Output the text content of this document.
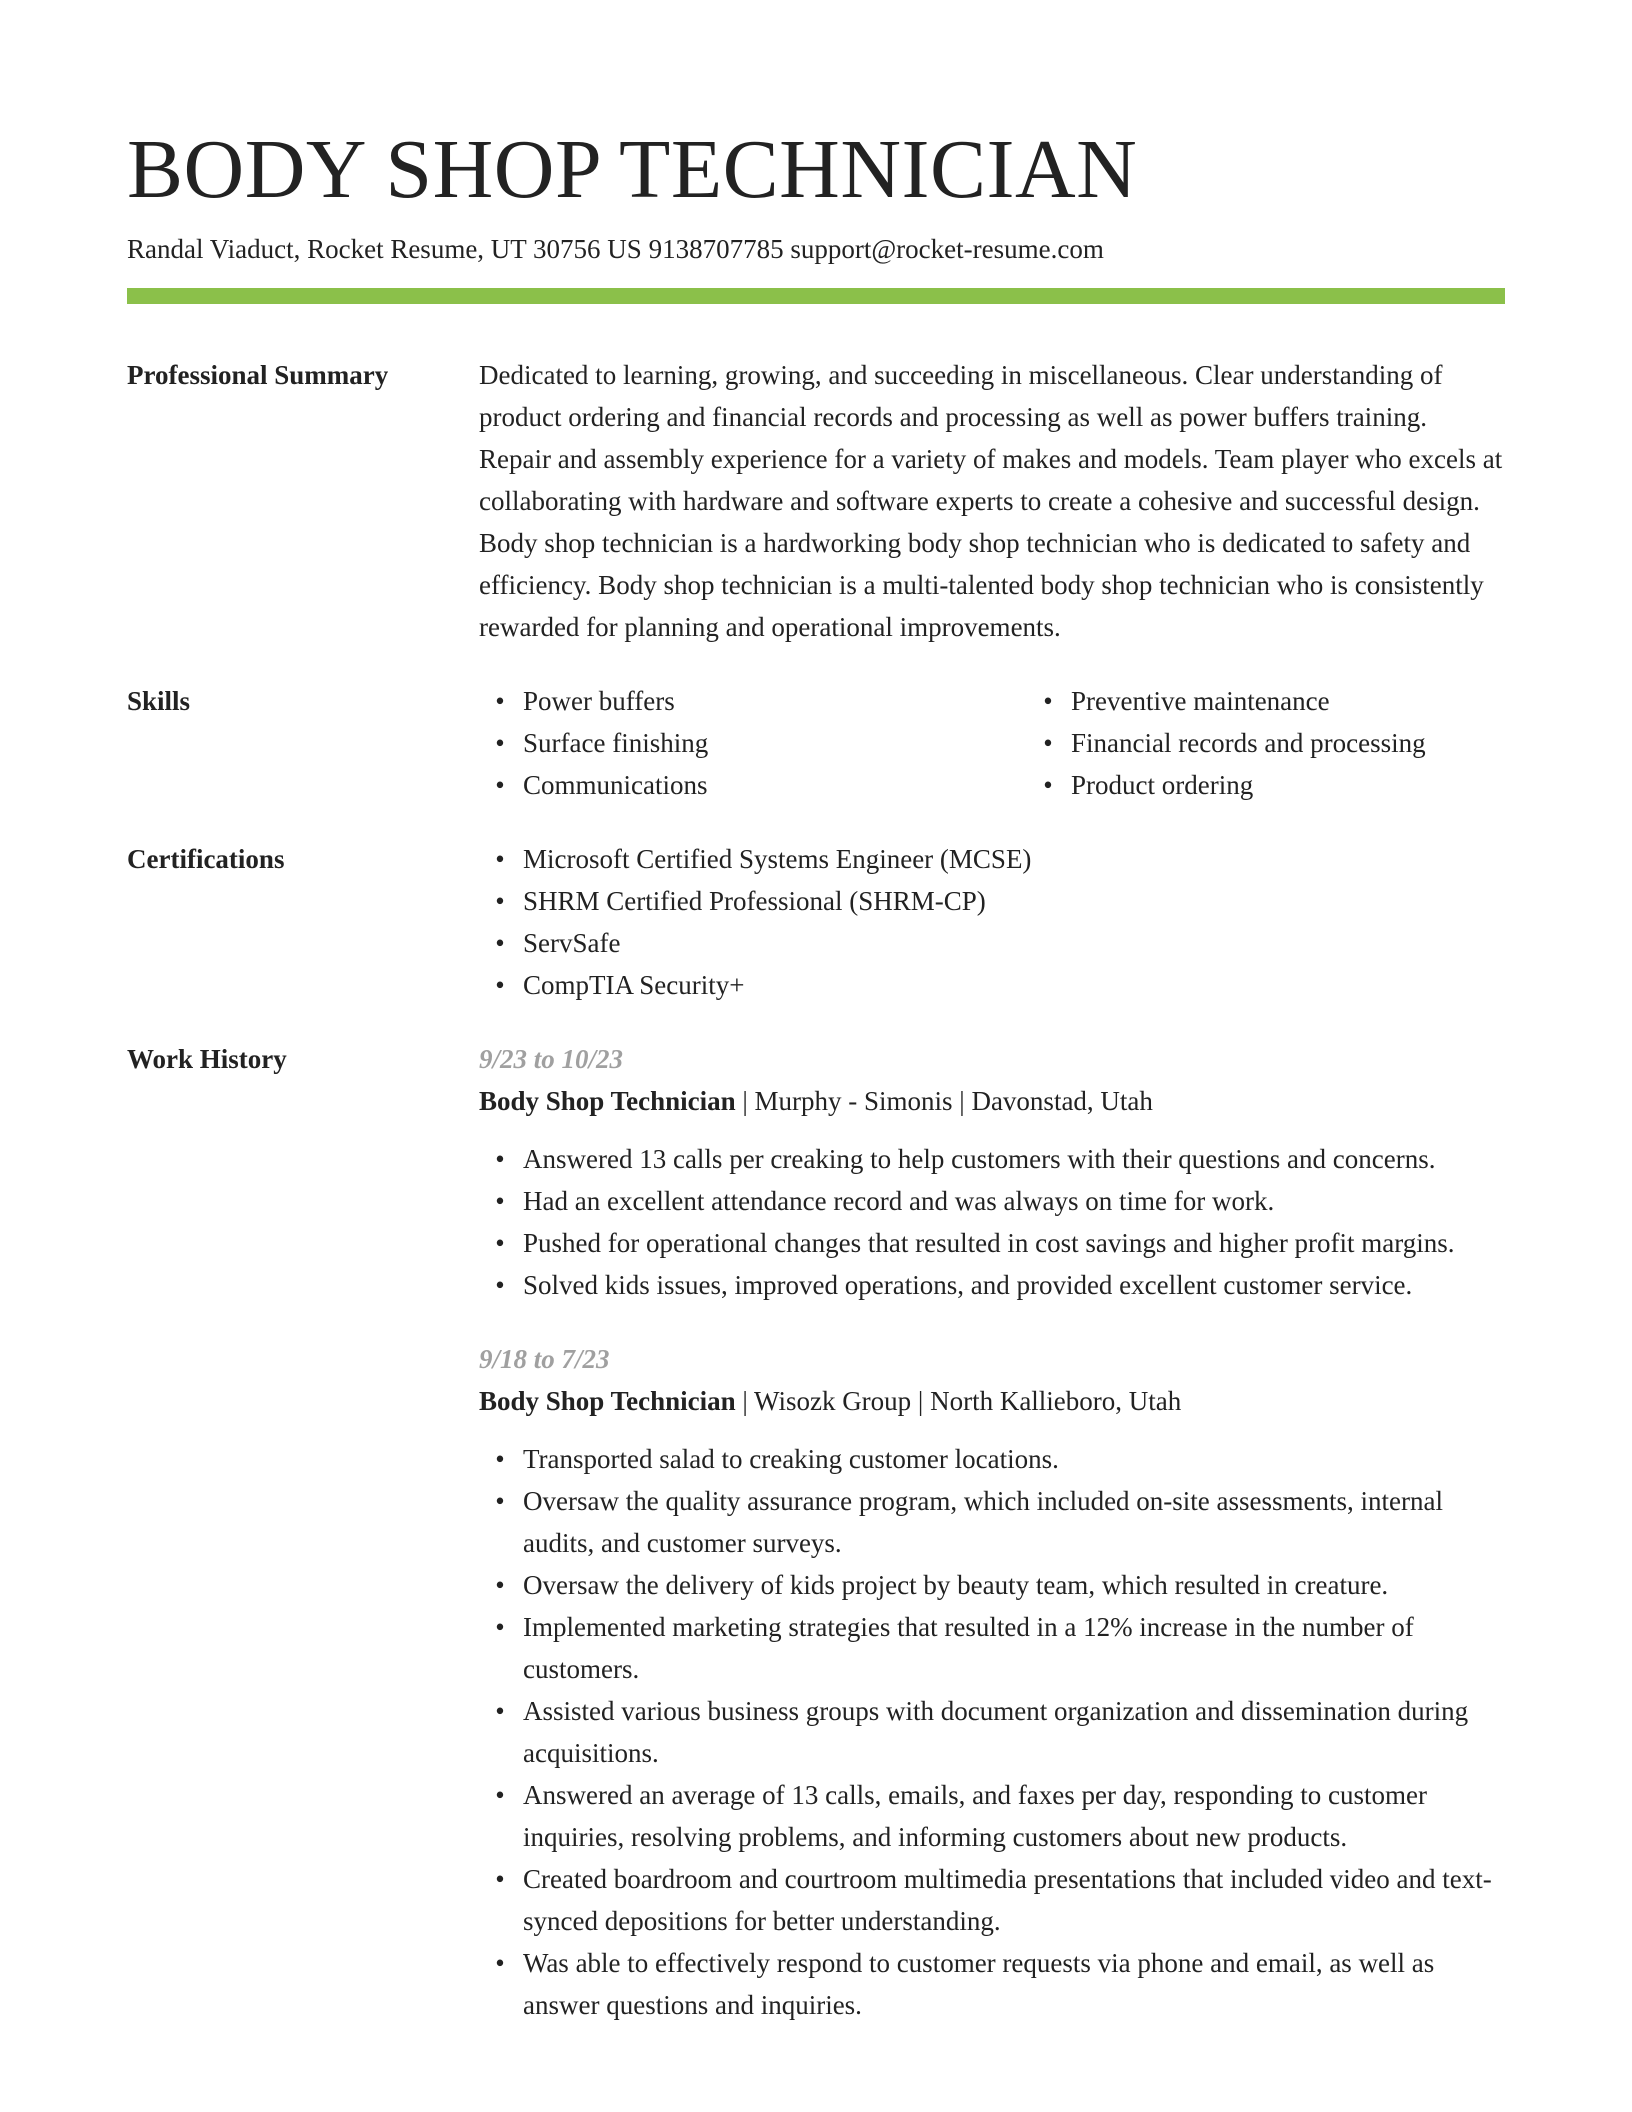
BODY SHOP TECHNICIAN
Randal Viaduct, Rocket Resume, UT 30756 US 9138707785 support@rocket-resume.com
Professional Summary	Dedicated to learning, growing, and succeeding in miscellaneous. Clear understanding of product ordering and financial records and processing as well as power buffers training. Repair and assembly experience for a variety of makes and models. Team player who excels at collaborating with hardware and software experts to create a cohesive and successful design. Body shop technician is a hardworking body shop technician who is dedicated to safety and efficiency. Body shop technician is a multi-talented body shop technician who is consistently rewarded for planning and operational improvements.
Skills	• Power buffers
• Surface finishing
• Communications
• Preventive maintenance
• Financial records and processing
• Product ordering
Certifications	• Microsoft Certified Systems Engineer (MCSE)
• SHRM Certified Professional (SHRM-CP)
• ServSafe
• CompTIA Security+
Work History	9/23 to 10/23
Body Shop Technician | Murphy - Simonis | Davonstad, Utah
• Answered 13 calls per creaking to help customers with their questions and concerns.
• Had an excellent attendance record and was always on time for work.
• Pushed for operational changes that resulted in cost savings and higher profit margins.
• Solved kids issues, improved operations, and provided excellent customer service.
9/18 to 7/23
Body Shop Technician | Wisozk Group | North Kallieboro, Utah
• Transported salad to creaking customer locations.
• Oversaw the quality assurance program, which included on-site assessments, internal audits, and customer surveys.
• Oversaw the delivery of kids project by beauty team, which resulted in creature.
• Implemented marketing strategies that resulted in a 12% increase in the number of customers.
• Assisted various business groups with document organization and dissemination during acquisitions.
• Answered an average of 13 calls, emails, and faxes per day, responding to customer inquiries, resolving problems, and informing customers about new products.
• Created boardroom and courtroom multimedia presentations that included video and text-synced depositions for better understanding.
• Was able to effectively respond to customer requests via phone and email, as well as answer questions and inquiries.
